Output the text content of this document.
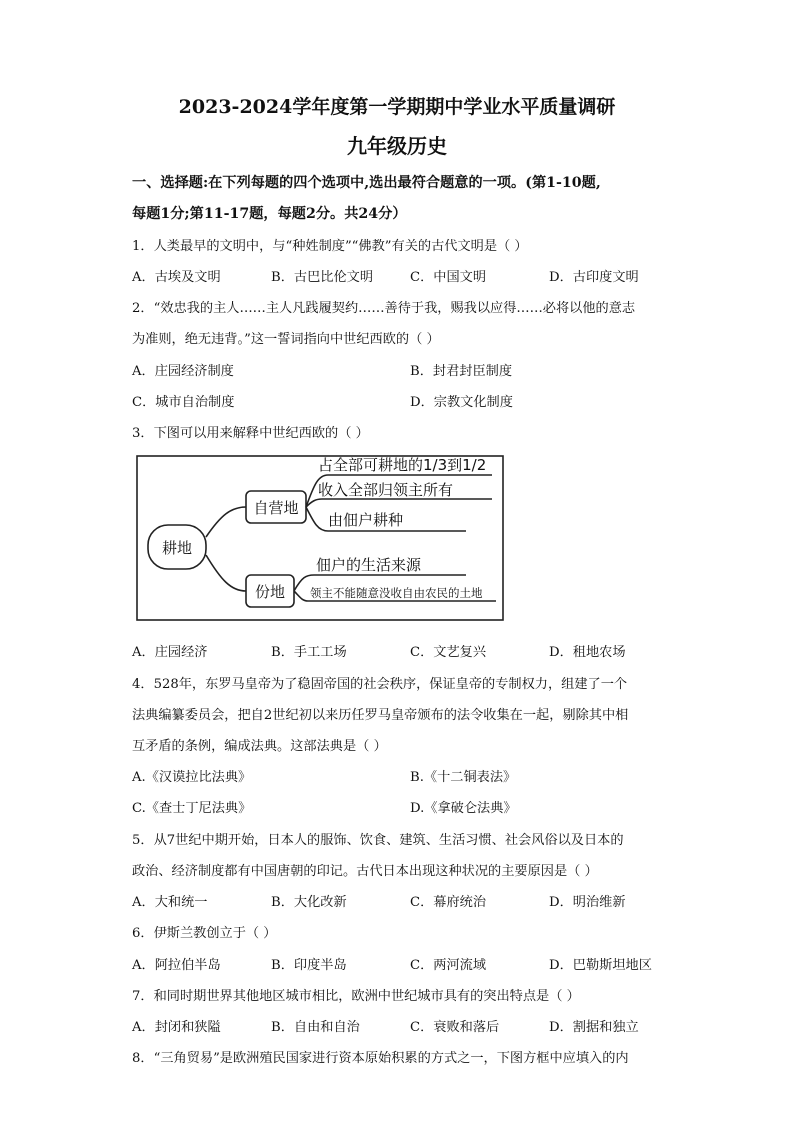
2023-2024学年度第一学期期中学业水平质量调研
九年级历史
一、选择题:在下列每题的四个选项中,选出最符合题意的一项。(第1-10题,
每题1分;第11-17题，每题2分。共24分）
1．人类最早的文明中，与“种姓制度”“佛教”有关的古代文明是（ ）
A．古埃及文明	B．古巴比伦文明	C．中国文明	D．古印度文明
2．“效忠我的主人……主人凡践履契约……善待于我，赐我以应得……必将以他的意志
为准则，绝无违背。”这一誓词指向中世纪西欧的（ ）
A．庄园经济制度	B．封君封臣制度
C．城市自治制度	D．宗教文化制度
3．下图可以用来解释中世纪西欧的（ ）
耕地
自营地
占全部可耕地的1/3到1/2
收入全部归领主所有
由佃户耕种
份地
佃户的生活来源
领主不能随意没收自由农民的土地
A．庄园经济	B．手工工场	C．文艺复兴	D．租地农场
4．528年，东罗马皇帝为了稳固帝国的社会秩序，保证皇帝的专制权力，组建了一个
法典编纂委员会，把自2世纪初以来历任罗马皇帝颁布的法令收集在一起，剔除其中相
互矛盾的条例，编成法典。这部法典是（ ）
A.《汉谟拉比法典》	B.《十二铜表法》
C.《查士丁尼法典》	D.《拿破仑法典》
5．从7世纪中期开始，日本人的服饰、饮食、建筑、生活习惯、社会风俗以及日本的
政治、经济制度都有中国唐朝的印记。古代日本出现这种状况的主要原因是（ ）
A．大和统一	B．大化改新	C．幕府统治	D．明治维新
6．伊斯兰教创立于（ ）
A．阿拉伯半岛	B．印度半岛	C．两河流域	D．巴勒斯坦地区
7．和同时期世界其他地区城市相比，欧洲中世纪城市具有的突出特点是（ ）
A．封闭和狭隘	B．自由和自治	C．衰败和落后	D．割据和独立
8．“三角贸易”是欧洲殖民国家进行资本原始积累的方式之一，下图方框中应填入的内
